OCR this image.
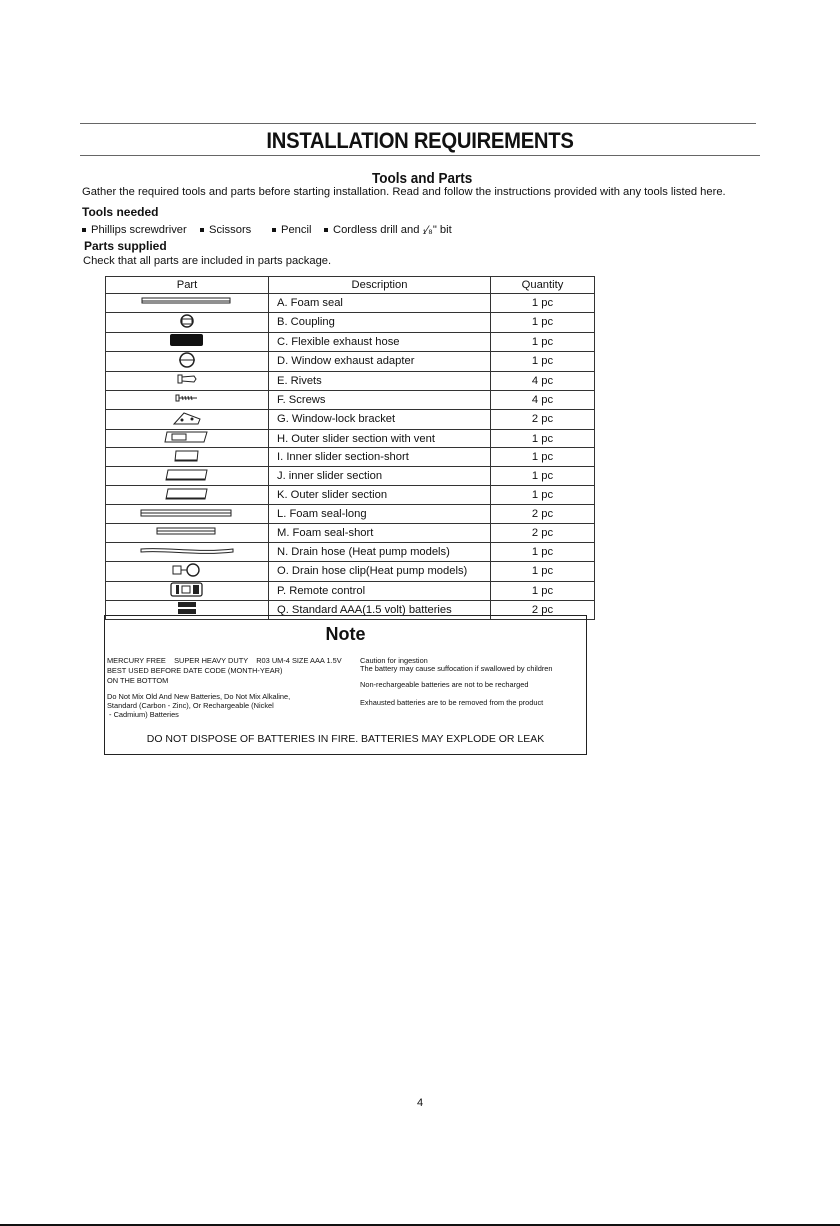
INSTALLATION REQUIREMENTS
Tools and Parts
Gather the required tools and parts before starting installation. Read and follow the instructions provided with any tools listed here.
Tools needed
Phillips screwdriver	Scissors	Pencil	Cordless drill and ₁⁄₈" bit
Parts supplied
Check that all parts are included in parts package.
Part	Description	Quantity
	A. Foam seal	1 pc
	B. Coupling	1 pc
	C. Flexible exhaust hose	1 pc
	D. Window exhaust adapter	1 pc
	E. Rivets	4 pc
	F. Screws	4 pc
	G. Window-lock bracket	2 pc
	H. Outer slider section with vent	1 pc
	I. Inner slider section-short	1 pc
	J. inner slider section	1 pc
	K. Outer slider section	1 pc
	L. Foam seal-long	2 pc
	M. Foam seal-short	2 pc
	N. Drain hose (Heat pump models)	1 pc
	O. Drain hose clip(Heat pump models)	1 pc
	P. Remote control	1 pc
	Q. Standard AAA(1.5 volt) batteries	2 pc
Note
MERCURY FREE    SUPER HEAVY DUTY    R03 UM-4 SIZE AAA 1.5V
BEST USED BEFORE DATE CODE (MONTH-YEAR)
ON THE BOTTOM
Do Not Mix Old And New Batteries, Do Not Mix Alkaline,
Standard (Carbon - Zinc), Or Rechargeable (Nickel
- Cadmium) Batteries
Caution for ingestion
The battery may cause suffocation if swallowed by children
Non-rechargeable batteries are not to be recharged
Exhausted batteries are to be removed from the product
DO NOT DISPOSE OF BATTERIES IN FIRE. BATTERIES MAY EXPLODE OR LEAK
4
